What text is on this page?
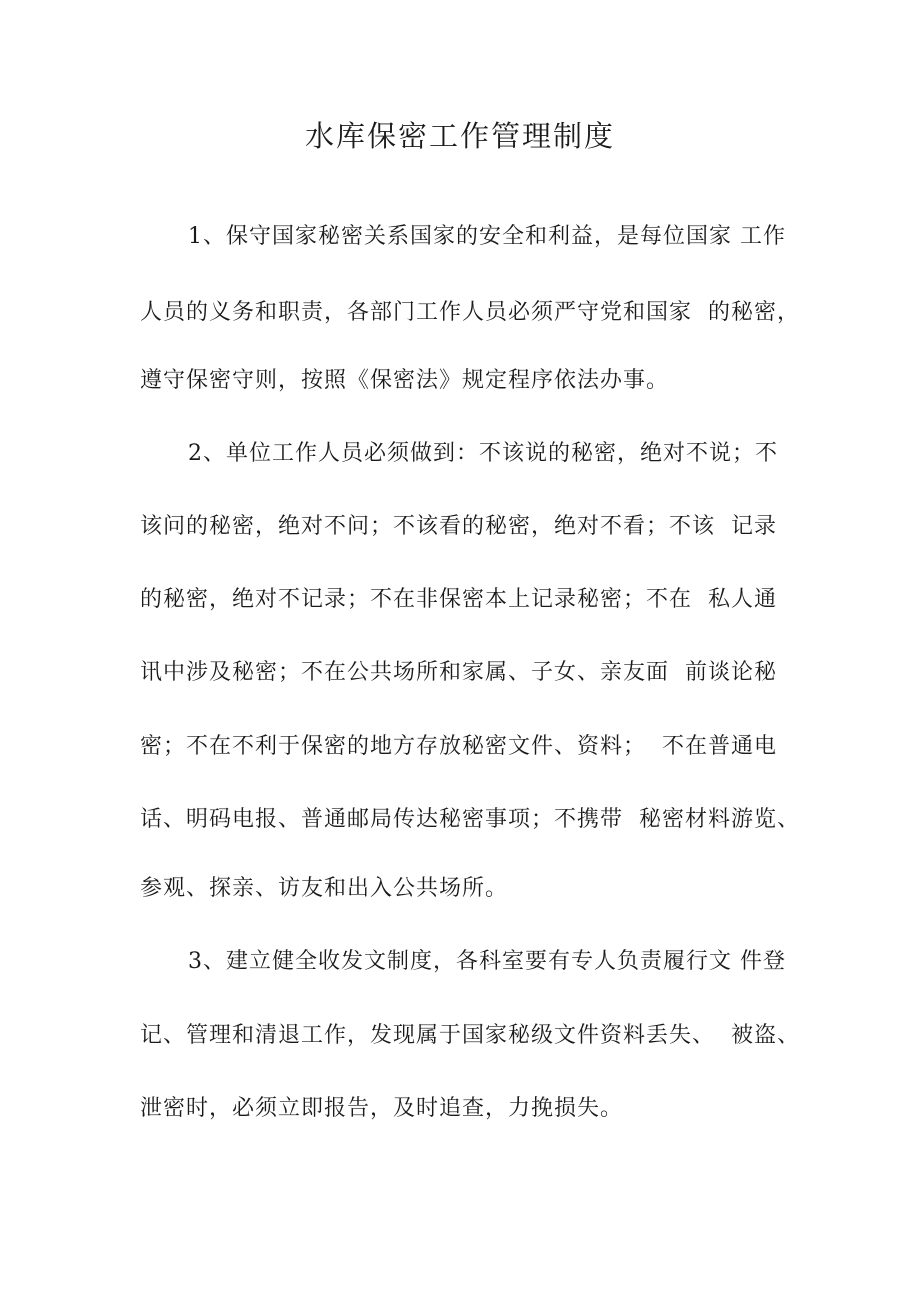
水库保密工作管理制度
1、保守国家秘密关系国家的安全和利益，是每位国家 工作
人员的义务和职责，各部门工作人员必须严守党和国家  的秘密，
遵守保密守则，按照《保密法》规定程序依法办事。
2、单位工作人员必须做到：不该说的秘密，绝对不说；不
该问的秘密，绝对不问；不该看的秘密，绝对不看；不该  记录
的秘密，绝对不记录；不在非保密本上记录秘密；不在  私人通
讯中涉及秘密；不在公共场所和家属、子女、亲友面  前谈论秘
密；不在不利于保密的地方存放秘密文件、资料；  不在普通电
话、明码电报、普通邮局传达秘密事项；不携带  秘密材料游览、
参观、探亲、访友和出入公共场所。
3、建立健全收发文制度，各科室要有专人负责履行文 件登
记、管理和清退工作，发现属于国家秘级文件资料丢失、  被盗、
泄密时，必须立即报告，及时追查，力挽损失。
